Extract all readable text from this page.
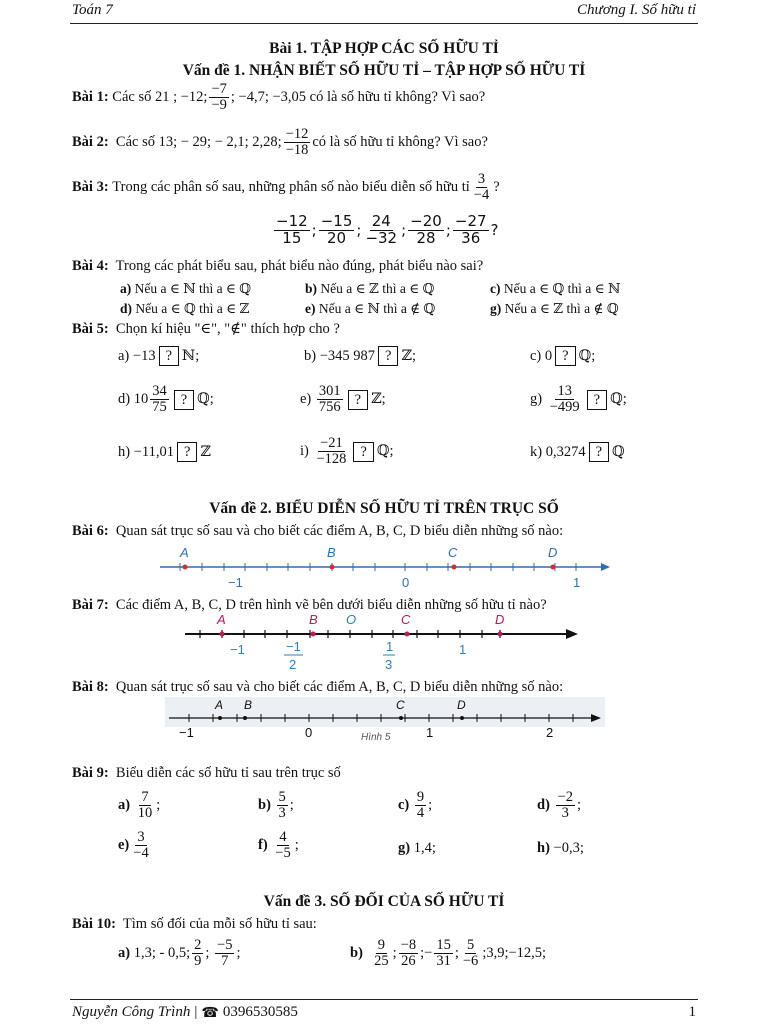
Toán 7	Chương I. Số hữu tỉ
Bài 1. TẬP HỢP CÁC SỐ HỮU TỈ
Vấn đề 1. NHẬN BIẾT SỐ HỮU TỈ – TẬP HỢP SỐ HỮU TỈ
Bài 1:
Các số 21 ; −12; $\frac{-7}{-9}$ ; −4,7; −3,05 có là số hữu tỉ không? Vì sao?
Bài 2:
Các số 13; − 29; − 2,1; 2,28; $\frac{-12}{-18}$ có là số hữu tỉ không? Vì sao?
Bài 3:
Trong các phân số sau, những phân số nào biểu diễn số hữu tỉ $\frac{3}{-4}$ ?
$\frac{-12}{15}$ ; $\frac{-15}{20}$ ; $\frac{24}{-32}$ ; $\frac{-20}{28}$ ; $\frac{-27}{36}$ ?
Bài 4: Trong các phát biểu sau, phát biểu nào đúng, phát biểu nào sai?
a) Nếu a ∈ ℕ thì a ∈ ℚ	b) Nếu a ∈ ℤ thì a ∈ ℚ	c) Nếu a ∈ ℚ thì a ∈ ℕ
d) Nếu a ∈ ℚ thì a ∈ ℤ	e) Nếu a ∈ ℕ thì a ∉ ℚ	g) Nếu a ∈ ℤ thì a ∉ ℚ
Bài 5: Chọn kí hiệu "∈", "∉" thích hợp cho ?
a)
−13 ? ℕ;	b)
−345 987 ? ℤ;	c)
0 ? ℚ;
d)
$10 \frac{34}{75}$ ? ℚ;	e)
$\frac{301}{756}$ ? ℤ;	g)
$\frac{13}{-499}$ ? ℚ;
h)
−11,01 ? ℤ	i)
$\frac{-21}{-128}$ ? ℚ;	k)
0,3274 ? ℚ
Vấn đề 2. BIỂU DIỄN SỐ HỮU TỈ TRÊN TRỤC SỐ
Bài 6: Quan sát trục số sau và cho biết các điểm A, B, C, D biểu diễn những số nào:
A	B	C	D
−1	0	1
Bài 7: Các điểm A, B, C, D trên hình vẽ bên dưới biểu diễn những số hữu tỉ nào?
A	B O	C	D
−1	−1
2
1
3
1
Bài 8: Quan sát trục số sau và cho biết các điểm A, B, C, D biểu diễn những số nào:
A B	C	D
−1	0	1	2
Hình 5
Bài 9: Biểu diễn các số hữu tỉ sau trên trục số
a)
$\frac{7}{10}$ ;	b)
$\frac{5}{3}$ ;	c)
$\frac{9}{4}$ ;	d)
$\frac{-2}{3}$ ;
$e) \frac{3}{-4}$	f)
$\frac{4}{-5}$ ;	g) 1,4;	h) −0,3;
Vấn đề 3. SỐ ĐỐI CỦA SỐ HỮU TỈ
Bài 10: Tìm số đối của mỗi số hữu tỉ sau:
a)
1,3; - 0,5; $\frac{2}{9}$ ; $\frac{-5}{7}$ ;	b)
$\frac{9}{25}$ ; $\frac{-8}{26}$ ;− $\frac{15}{31}$ ; $\frac{5}{-6}$ ;3,9;−12,5;
Nguyễn Công Trình | ☎ 0396530585	1
